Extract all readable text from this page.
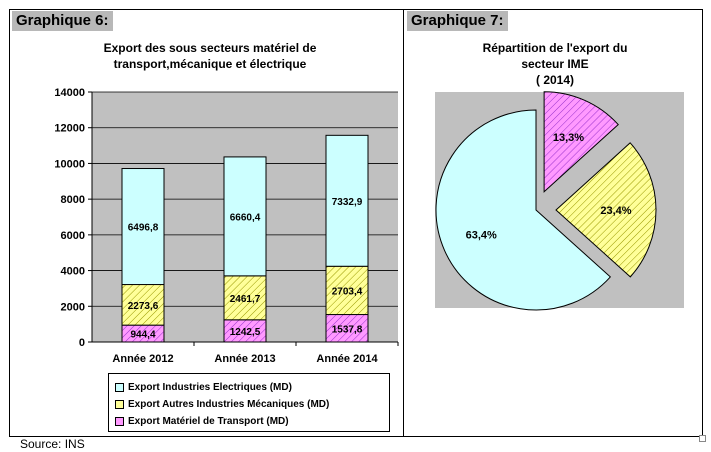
Graphique 6:
Export des sous secteurs matériel de
transport,mécanique et électrique
0
2000
4000
6000
8000
10000
12000
14000
944,4
2273,6
6496,8
Année 2012
1242,5
2461,7
6660,4
Année 2013
1537,8
2703,4
7332,9
Année 2014
Export Industries Electriques (MD)
Export Autres Industries Mécaniques (MD)
Export Matériel de Transport (MD)
Graphique 7:
Répartition de l'export du
secteur IME
( 2014)
63,4%
13,3%
23,4%
Source: INS
